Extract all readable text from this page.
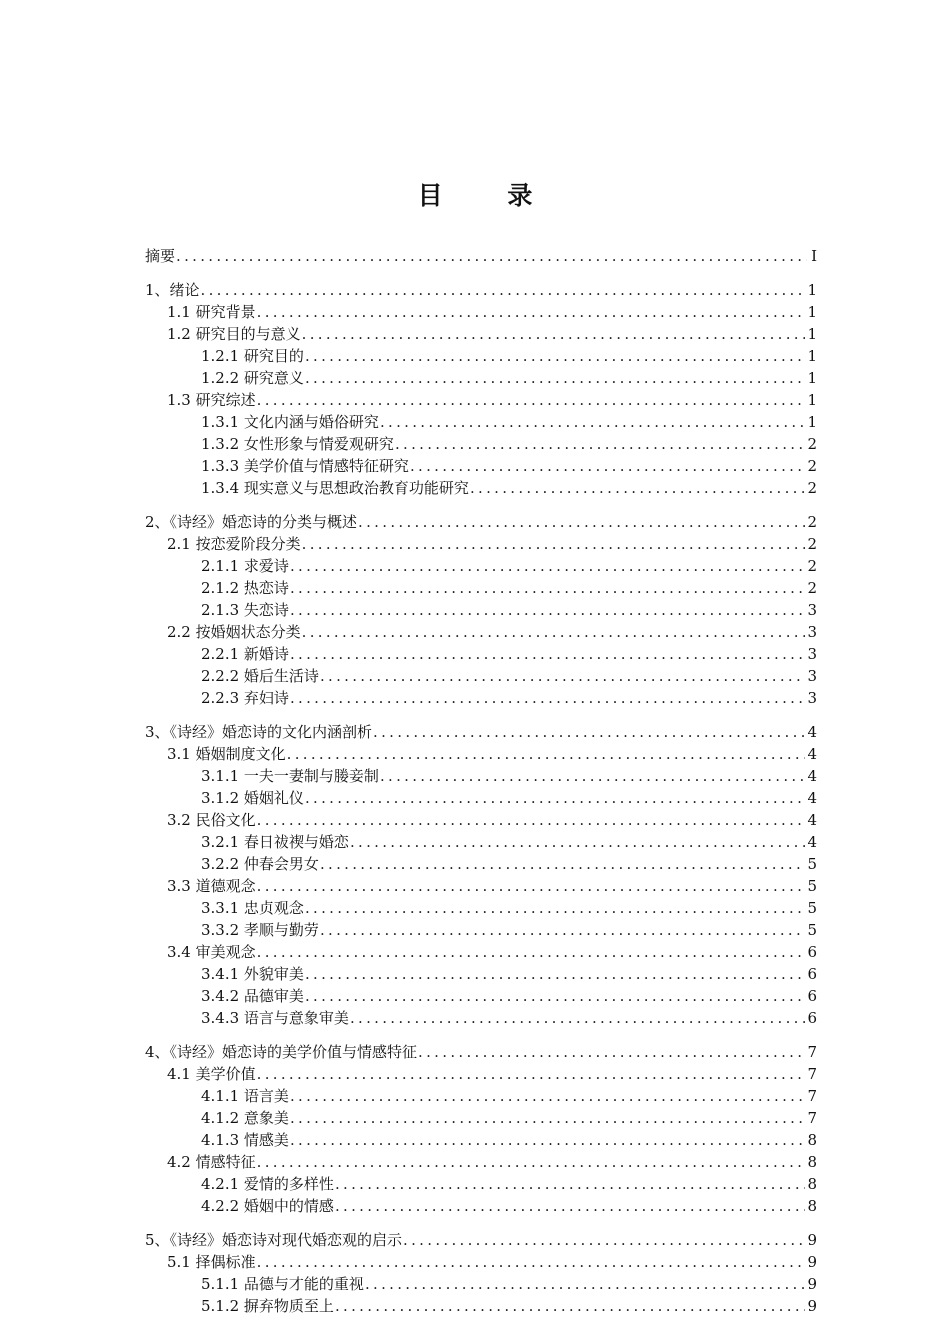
目 录
摘要 .....	I
1、绪论 .....	1
1.1 研究背景 .....	1
1.2 研究目的与意义 .....	1
1.2.1 研究目的 .....	1
1.2.2 研究意义 .....	1
1.3 研究综述 .....	1
1.3.1 文化内涵与婚俗研究 .....	1
1.3.2 女性形象与情爱观研究 .....	2
1.3.3 美学价值与情感特征研究 .....	2
1.3.4 现实意义与思想政治教育功能研究 .....	2
2、《诗经》婚恋诗的分类与概述 .....	2
2.1 按恋爱阶段分类 .....	2
2.1.1 求爱诗 .....	2
2.1.2 热恋诗 .....	2
2.1.3 失恋诗 .....	3
2.2 按婚姻状态分类 .....	3
2.2.1 新婚诗 .....	3
2.2.2 婚后生活诗 .....	3
2.2.3 弃妇诗 .....	3
3、《诗经》婚恋诗的文化内涵剖析 .....	4
3.1 婚姻制度文化 .....	4
3.1.1 一夫一妻制与媵妾制 .....	4
3.1.2 婚姻礼仪 .....	4
3.2 民俗文化 .....	4
3.2.1 春日祓禊与婚恋 .....	4
3.2.2 仲春会男女 .....	5
3.3 道德观念 .....	5
3.3.1 忠贞观念 .....	5
3.3.2 孝顺与勤劳 .....	5
3.4 审美观念 .....	6
3.4.1 外貌审美 .....	6
3.4.2 品德审美 .....	6
3.4.3 语言与意象审美 .....	6
4、《诗经》婚恋诗的美学价值与情感特征 .....	7
4.1 美学价值 .....	7
4.1.1 语言美 .....	7
4.1.2 意象美 .....	7
4.1.3 情感美 .....	8
4.2 情感特征 .....	8
4.2.1 爱情的多样性 .....	8
4.2.2 婚姻中的情感 .....	8
5、《诗经》婚恋诗对现代婚恋观的启示 .....	9
5.1 择偶标准 .....	9
5.1.1 品德与才能的重视 .....	9
5.1.2 摒弃物质至上 .....	9
